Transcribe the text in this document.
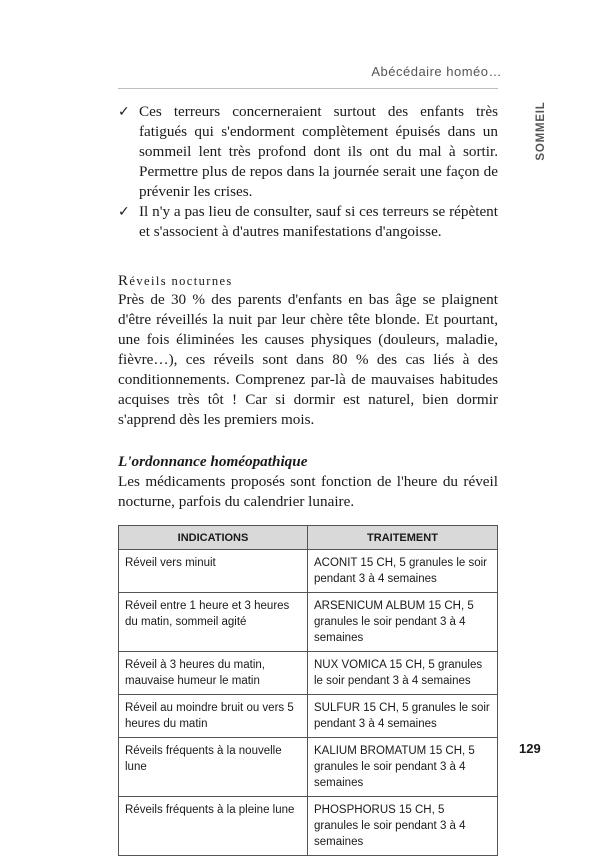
Abécédaire homéo…
SOMMEIL
✓ Ces terreurs concerneraient surtout des enfants très fatigués qui s'endorment complètement épuisés dans un sommeil lent très profond dont ils ont du mal à sortir. Permettre plus de repos dans la journée serait une façon de prévenir les crises.
✓ Il n'y a pas lieu de consulter, sauf si ces terreurs se répètent et s'associent à d'autres manifestations d'angoisse.
Réveils nocturnes

Près de 30 % des parents d'enfants en bas âge se plaignent d'être réveillés la nuit par leur chère tête blonde. Et pourtant, une fois éliminées les causes physiques (douleurs, maladie, fièvre…), ces réveils sont dans 80 % des cas liés à des conditionnements. Comprenez par-là de mauvaises habitudes acquises très tôt ! Car si dormir est naturel, bien dormir s'apprend dès les premiers mois.

L'ordonnance homéopathique

Les médicaments proposés sont fonction de l'heure du réveil nocturne, parfois du calendrier lunaire.

INDICATIONS	TRAITEMENT
Réveil vers minuit	ACONIT 15 CH, 5 granules le soir pendant 3 à 4 semaines
Réveil entre 1 heure et 3 heures du matin, sommeil agité	ARSENICUM ALBUM 15 CH, 5 granules le soir pendant 3 à 4 semaines
Réveil à 3 heures du matin, mauvaise humeur le matin	NUX VOMICA 15 CH, 5 granules le soir pendant 3 à 4 semaines
Réveil au moindre bruit ou vers 5 heures du matin	SULFUR 15 CH, 5 granules le soir pendant 3 à 4 semaines
Réveils fréquents à la nouvelle lune	KALIUM BROMATUM 15 CH, 5 granules le soir pendant 3 à 4 semaines
Réveils fréquents à la pleine lune	PHOSPHORUS 15 CH, 5 granules le soir pendant 3 à 4 semaines
129
